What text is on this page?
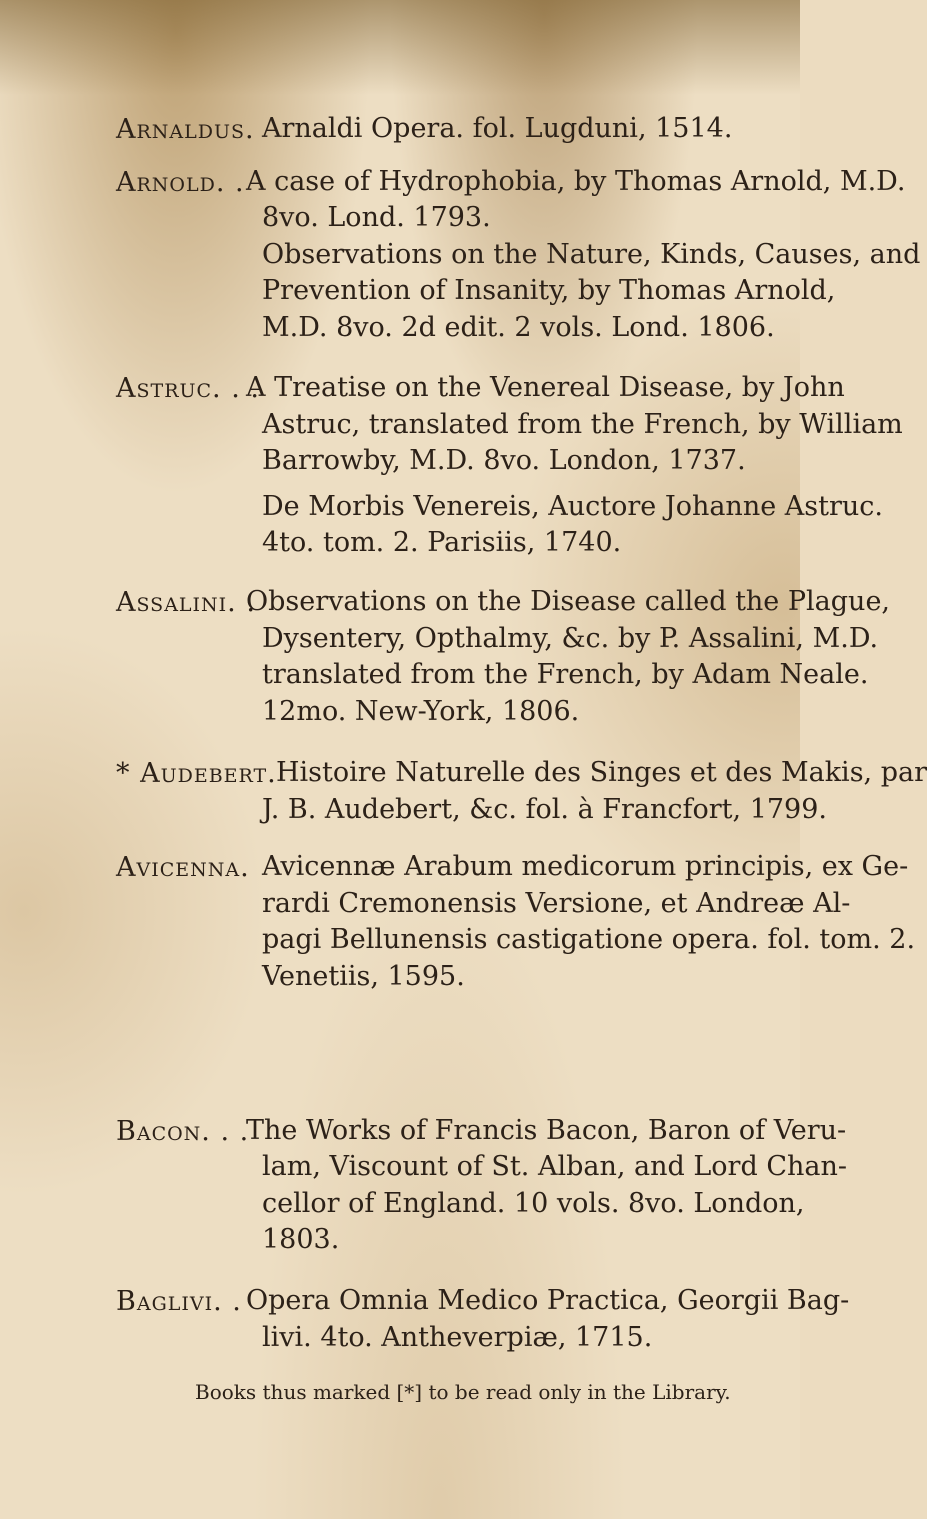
Arnaldus. Arnaldi Opera. fol. Lugduni, 1514.
Arnold. . A case of Hydrophobia, by Thomas Arnold, M.D.
8vo. Lond. 1793.
Observations on the Nature, Kinds, Causes, and
Prevention of Insanity, by Thomas Arnold,
M.D. 8vo. 2d edit. 2 vols. Lond. 1806.
Astruc. . .
A Treatise on the Venereal Disease, by John
Astruc, translated from the French, by William
Barrowby, M.D. 8vo. London, 1737.
De Morbis Venereis, Auctore Johanne Astruc.
4to. tom. 2. Parisiis, 1740.
Assalini. .
Observations on the Disease called the Plague,
Dysentery, Opthalmy, &c. by P. Assalini, M.D.
translated from the French, by Adam Neale.
12mo. New-York, 1806.
* Audebert. Histoire Naturelle des Singes et des Makis, par
J. B. Audebert, &c. fol. à Francfort, 1799.
Avicenna. Avicennæ Arabum medicorum principis, ex Ge-
rardi Cremonensis Versione, et Andreæ Al-
pagi Bellunensis castigatione opera. fol. tom. 2.
Venetiis, 1595.
Bacon. . .
The Works of Francis Bacon, Baron of Veru-
lam, Viscount of St. Alban, and Lord Chan-
cellor of England. 10 vols. 8vo. London,
1803.
Baglivi. . Opera Omnia Medico Practica, Georgii Bag-
livi. 4to. Antheverpiæ, 1715.
Books thus marked [*] to be read only in the Library.
